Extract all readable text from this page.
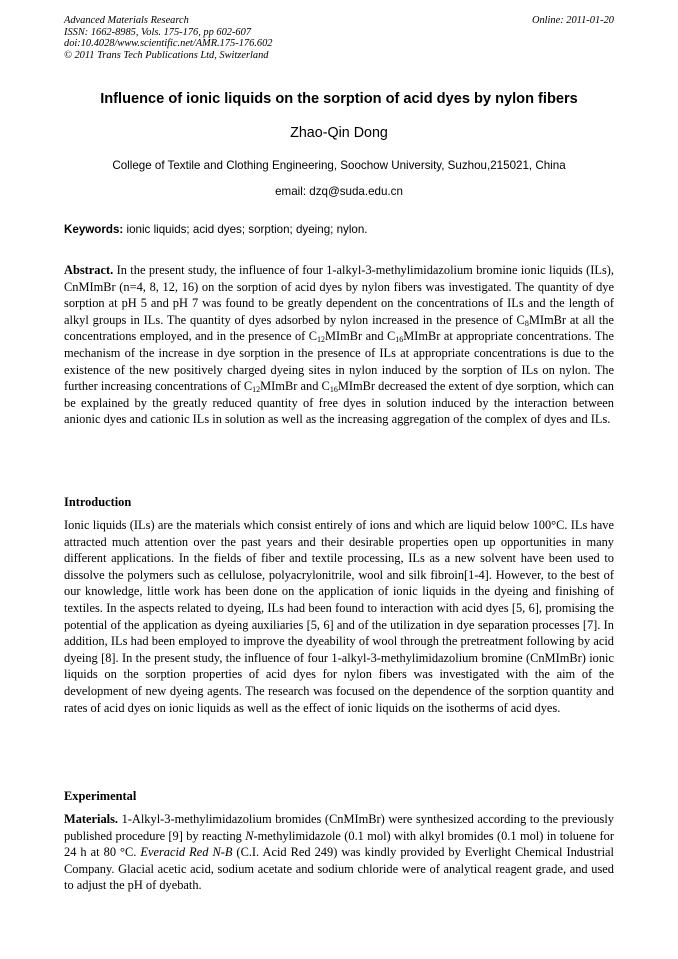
Advanced Materials Research
ISSN: 1662-8985, Vols. 175-176, pp 602-607
doi:10.4028/www.scientific.net/AMR.175-176.602
© 2011 Trans Tech Publications Ltd, Switzerland
Online: 2011-01-20
Influence of ionic liquids on the sorption of acid dyes by nylon fibers
Zhao-Qin Dong
College of Textile and Clothing Engineering, Soochow University, Suzhou,215021, China
email: dzq@suda.edu.cn
Keywords: ionic liquids; acid dyes; sorption; dyeing; nylon.
Abstract. In the present study, the influence of four 1-alkyl-3-methylimidazolium bromine ionic liquids (ILs), CnMImBr (n=4, 8, 12, 16) on the sorption of acid dyes by nylon fibers was investigated. The quantity of dye sorption at pH 5 and pH 7 was found to be greatly dependent on the concentrations of ILs and the length of alkyl groups in ILs. The quantity of dyes adsorbed by nylon increased in the presence of $C_8MImBr$ at all the concentrations employed, and in the presence of $C_{12}MImBr$ and $C_{16}MImBr$ at appropriate concentrations. The mechanism of the increase in dye sorption in the presence of ILs at appropriate concentrations is due to the existence of the new positively charged dyeing sites in nylon induced by the sorption of ILs on nylon. The further increasing concentrations of $C_{12}MImBr$ and $C_{16}MImBr$ decreased the extent of dye sorption, which can be explained by the greatly reduced quantity of free dyes in solution induced by the interaction between anionic dyes and cationic ILs in solution as well as the increasing aggregation of the complex of dyes and ILs.
Introduction
Ionic liquids (ILs) are the materials which consist entirely of ions and which are liquid below 100°C. ILs have attracted much attention over the past years and their desirable properties open up opportunities in many different applications. In the fields of fiber and textile processing, ILs as a new solvent have been used to dissolve the polymers such as cellulose, polyacrylonitrile, wool and silk fibroin[1-4]. However, to the best of our knowledge, little work has been done on the application of ionic liquids in the dyeing and finishing of textiles. In the aspects related to dyeing, ILs had been found to interaction with acid dyes [5, 6], promising the potential of the application as dyeing auxiliaries [5, 6] and of the utilization in dye separation processes [7]. In addition, ILs had been employed to improve the dyeability of wool through the pretreatment following by acid dyeing [8]. In the present study, the influence of four 1-alkyl-3-methylimidazolium bromine (CnMImBr) ionic liquids on the sorption properties of acid dyes for nylon fibers was investigated with the aim of the development of new dyeing agents. The research was focused on the dependence of the sorption quantity and rates of acid dyes on ionic liquids as well as the effect of ionic liquids on the isotherms of acid dyes.
Experimental
Materials. 1-Alkyl-3-methylimidazolium bromides (CnMImBr) were synthesized according to the previously published procedure [9] by reacting N-methylimidazole (0.1 mol) with alkyl bromides (0.1 mol) in toluene for 24 h at 80 °C. Everacid Red N-B (C.I. Acid Red 249) was kindly provided by Everlight Chemical Industrial Company. Glacial acetic acid, sodium acetate and sodium chloride were of analytical reagent grade, and used to adjust the pH of dyebath.
